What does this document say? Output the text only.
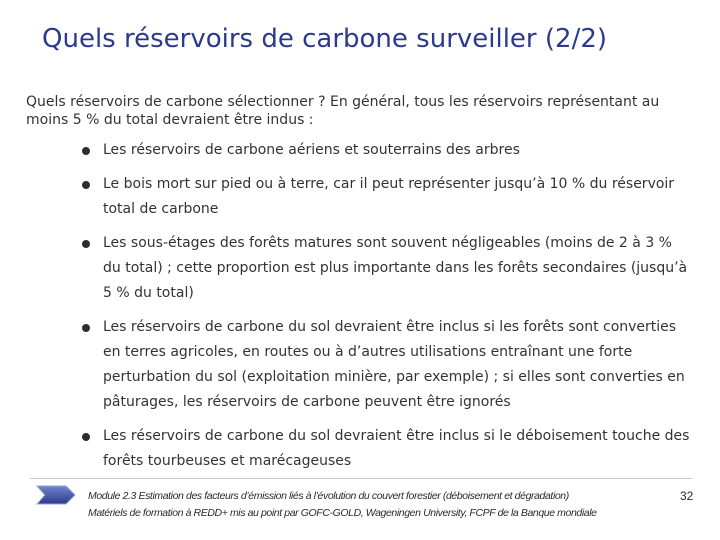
Quels réservoirs de carbone surveiller (2/2)
Quels réservoirs de carbone sélectionner ? En général, tous les réservoirs représentant au moins 5 % du total devraient être indus :
Les réservoirs de carbone aériens et souterrains des arbres
Le bois mort sur pied ou à terre, car il peut représenter jusqu’à 10 % du réservoir total de carbone
Les sous-étages des forêts matures sont souvent négligeables (moins de 2 à 3 % du total) ; cette proportion est plus importante dans les forêts secondaires (jusqu’à 5 % du total)
Les réservoirs de carbone du sol devraient être inclus si les forêts sont converties en terres agricoles, en routes ou à d’autres utilisations entraînant une forte perturbation du sol (exploitation minière, par exemple) ; si elles sont converties en pâturages, les réservoirs de carbone peuvent être ignorés
Les réservoirs de carbone du sol devraient être inclus si le déboisement touche des forêts tourbeuses et marécageuses
Module 2.3 Estimation des facteurs d’émission liés à l’évolution du couvert forestier (déboisement et dégradation)
Matériels de formation à REDD+ mis au point par GOFC-GOLD, Wageningen University, FCPF de la Banque mondiale
32
